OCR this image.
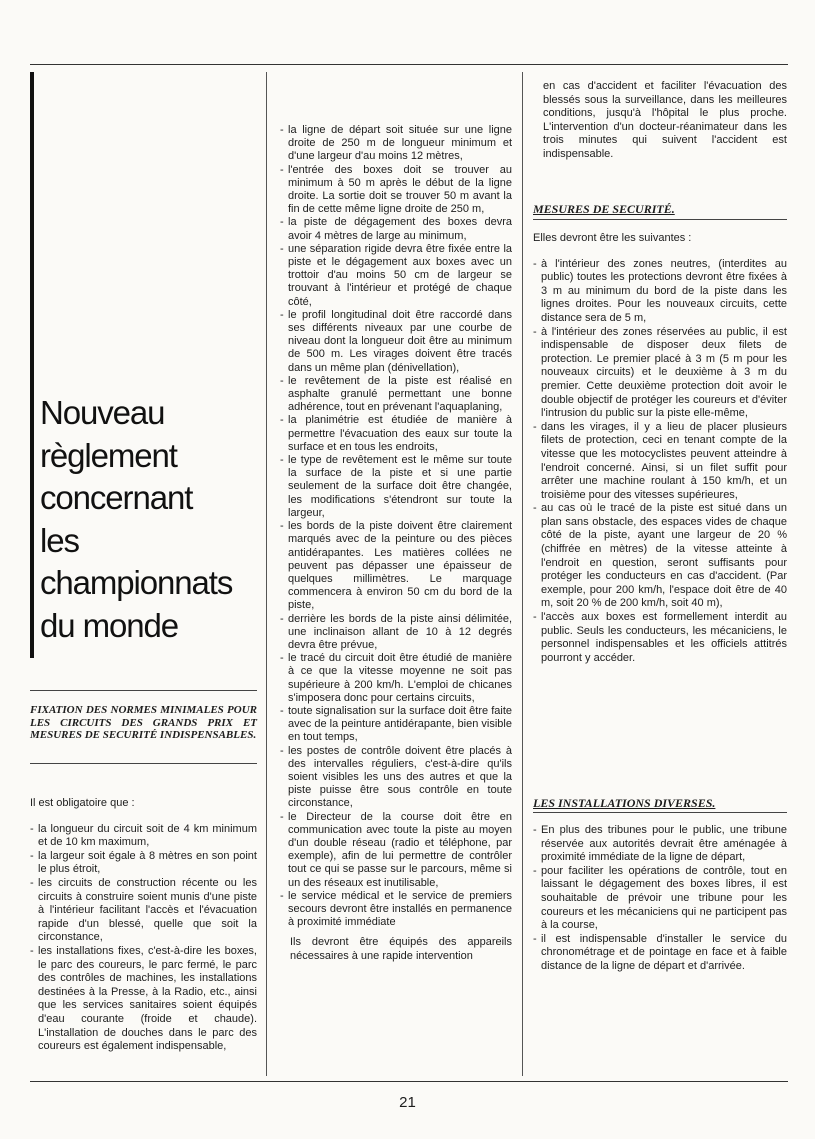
Nouveau
règlement
concernant
les
championnats
du monde

FIXATION DES NORMES MINIMALES POUR LES CIRCUITS DES GRANDS PRIX ET MESURES DE SECURITÉ INDISPENSABLES.

Il est obligatoire que :

- la longueur du circuit soit de 4 km minimum et de 10 km maximum,
- la largeur soit égale à 8 mètres en son point le plus étroit,
- les circuits de construction récente ou les circuits à construire soient munis d'une piste à l'intérieur facilitant l'accès et l'évacuation rapide d'un blessé, quelle que soit la circonstance,
- les installations fixes, c'est-à-dire les boxes, le parc des coureurs, le parc fermé, le parc des contrôles de machines, les installations destinées à la Presse, à la Radio, etc., ainsi que les services sanitaires soient équipés d'eau courante (froide et chaude). L'installation de douches dans le parc des coureurs est également indispensable,
- la ligne de départ soit située sur une ligne droite de 250 m de longueur minimum et d'une largeur d'au moins 12 mètres,
- l'entrée des boxes doit se trouver au minimum à 50 m après le début de la ligne droite. La sortie doit se trouver 50 m avant la fin de cette même ligne droite de 250 m,
- la piste de dégagement des boxes devra avoir 4 mètres de large au minimum,
- une séparation rigide devra être fixée entre la piste et le dégagement aux boxes avec un trottoir d'au moins 50 cm de largeur se trouvant à l'intérieur et protégé de chaque côté,
- le profil longitudinal doit être raccordé dans ses différents niveaux par une courbe de niveau dont la longueur doit être au minimum de 500 m. Les virages doivent être tracés dans un même plan (dénivellation),
- le revêtement de la piste est réalisé en asphalte granulé permettant une bonne adhérence, tout en prévenant l'aquaplaning,
- la planimétrie est étudiée de manière à permettre l'évacuation des eaux sur toute la surface et en tous les endroits,
- le type de revêtement est le même sur toute la surface de la piste et si une partie seulement de la surface doit être changée, les modifications s'étendront sur toute la largeur,
- les bords de la piste doivent être clairement marqués avec de la peinture ou des pièces antidérapantes. Les matières collées ne peuvent pas dépasser une épaisseur de quelques millimètres. Le marquage commencera à environ 50 cm du bord de la piste,
- derrière les bords de la piste ainsi délimitée, une inclinaison allant de 10 à 12 degrés devra être prévue,
- le tracé du circuit doit être étudié de manière à ce que la vitesse moyenne ne soit pas supérieure à 200 km/h. L'emploi de chicanes s'imposera donc pour certains circuits,
- toute signalisation sur la surface doit être faite avec de la peinture antidérapante, bien visible en tout temps,
- les postes de contrôle doivent être placés à des intervalles réguliers, c'est-à-dire qu'ils soient visibles les uns des autres et que la piste puisse être sous contrôle en toute circonstance,
- le Directeur de la course doit être en communication avec toute la piste au moyen d'un double réseau (radio et téléphone, par exemple), afin de lui permettre de contrôler tout ce qui se passe sur le parcours, même si un des réseaux est inutilisable,
- le service médical et le service de premiers secours devront être installés en permanence à proximité immédiate

Ils devront être équipés des appareils nécessaires à une rapide intervention

en cas d'accident et faciliter l'évacuation des blessés sous la surveillance, dans les meilleures conditions, jusqu'à l'hôpital le plus proche. L'intervention d'un docteur-réanimateur dans les trois minutes qui suivent l'accident est indispensable.

MESURES DE SECURITÉ.

Elles devront être les suivantes :

- à l'intérieur des zones neutres, (interdites au public) toutes les protections devront être fixées à 3 m au minimum du bord de la piste dans les lignes droites. Pour les nouveaux circuits, cette distance sera de 5 m,
- à l'intérieur des zones réservées au public, il est indispensable de disposer deux filets de protection. Le premier placé à 3 m (5 m pour les nouveaux circuits) et le deuxième à 3 m du premier. Cette deuxième protection doit avoir le double objectif de protéger les coureurs et d'éviter l'intrusion du public sur la piste elle-même,
- dans les virages, il y a lieu de placer plusieurs filets de protection, ceci en tenant compte de la vitesse que les motocyclistes peuvent atteindre à l'endroit concerné. Ainsi, si un filet suffit pour arrêter une machine roulant à 150 km/h, et un troisième pour des vitesses supérieures,
- au cas où le tracé de la piste est situé dans un plan sans obstacle, des espaces vides de chaque côté de la piste, ayant une largeur de 20 % (chiffrée en mètres) de la vitesse atteinte à l'endroit en question, seront suffisants pour protéger les conducteurs en cas d'accident. (Par exemple, pour 200 km/h, l'espace doit être de 40 m, soit 20 % de 200 km/h, soit 40 m),
- l'accès aux boxes est formellement interdit au public. Seuls les conducteurs, les mécaniciens, le personnel indispensables et les officiels attitrés pourront y accéder.

LES INSTALLATIONS DIVERSES.

- En plus des tribunes pour le public, une tribune réservée aux autorités devrait être aménagée à proximité immédiate de la ligne de départ,
- pour faciliter les opérations de contrôle, tout en laissant le dégagement des boxes libres, il est souhaitable de prévoir une tribune pour les coureurs et les mécaniciens qui ne participent pas à la course,
- il est indispensable d'installer le service du chronométrage et de pointage en face et à faible distance de la ligne de départ et d'arrivée.
21
